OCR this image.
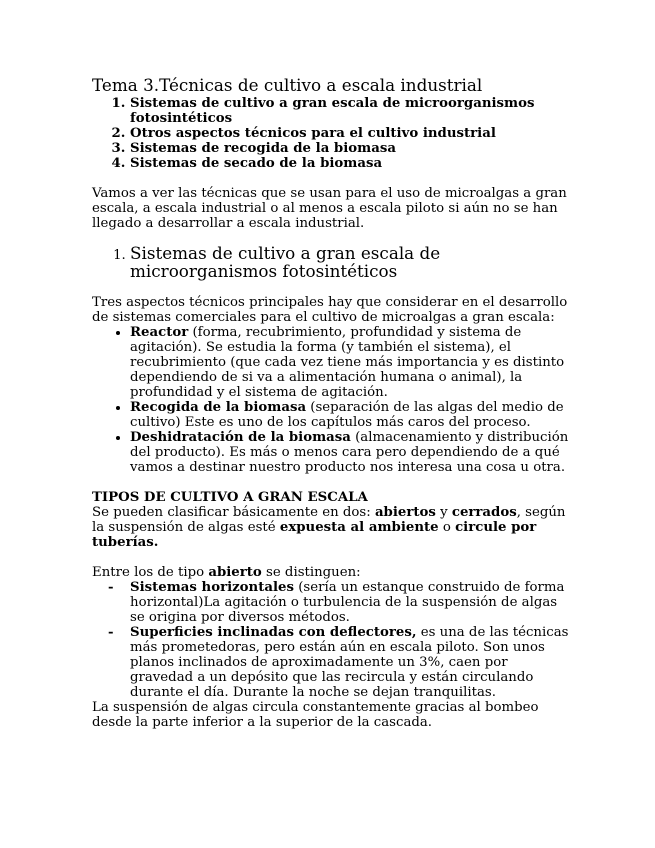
Tema 3.Técnicas de cultivo a escala industrial
1. Sistemas de cultivo a gran escala de microorganismos fotosintéticos
2. Otros aspectos técnicos para el cultivo industrial
3. Sistemas de recogida de la biomasa
4. Sistemas de secado de la biomasa

Vamos a ver las técnicas que se usan para el uso de microalgas a gran escala, a escala industrial o al menos a escala piloto si aún no se han llegado a desarrollar a escala industrial.

1. Sistemas de cultivo a gran escala de microorganismos fotosintéticos

Tres aspectos técnicos principales hay que considerar en el desarrollo de sistemas comerciales para el cultivo de microalgas a gran escala:

• Reactor (forma, recubrimiento, profundidad y sistema de agitación). Se estudia la forma (y también el sistema), el recubrimiento (que cada vez tiene más importancia y es distinto dependiendo de si va a alimentación humana o animal), la profundidad y el sistema de agitación.
• Recogida de la biomasa (separación de las algas del medio de cultivo) Este es uno de los capítulos más caros del proceso.
• Deshidratación de la biomasa (almacenamiento y distribución del producto). Es más o menos cara pero dependiendo de a qué vamos a destinar nuestro producto nos interesa una cosa u otra.

TIPOS DE CULTIVO A GRAN ESCALA

Se pueden clasificar básicamente en dos: abiertos y cerrados, según la suspensión de algas esté expuesta al ambiente o circule por tuberías.

Entre los de tipo abierto se distinguen:

- Sistemas horizontales (sería un estanque construido de forma horizontal)La agitación o turbulencia de la suspensión de algas se origina por diversos métodos.
- Superficies inclinadas con deflectores, es una de las técnicas más prometedoras, pero están aún en escala piloto. Son unos planos inclinados de aproximadamente un 3%, caen por gravedad a un depósito que las recircula y están circulando durante el día. Durante la noche se dejan tranquilitas.

La suspensión de algas circula constantemente gracias al bombeo desde la parte inferior a la superior de la cascada.
